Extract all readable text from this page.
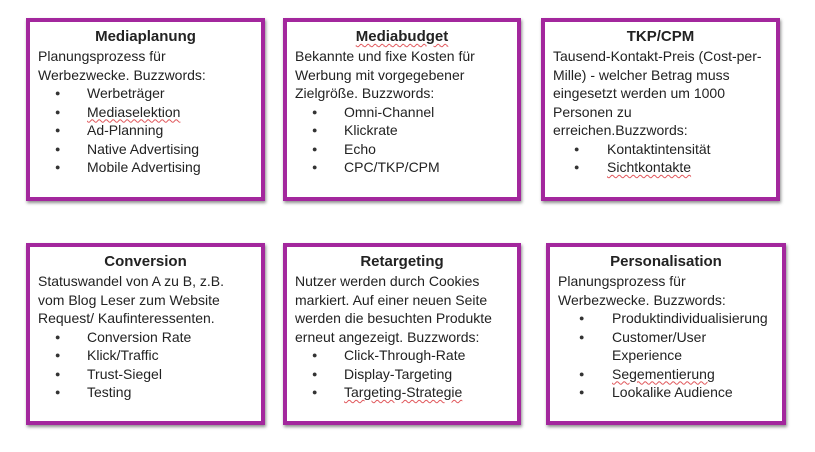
Mediaplanung

Planungsprozess für Werbezwecke. Buzzwords:

● Werbeträger
● Mediaselektion
● Ad-Planning
● Native Advertising
● Mobile Advertising
Mediabudget

Bekannte und fixe Kosten für Werbung mit vorgegebener Zielgröße. Buzzwords:

● Omni-Channel
● Klickrate
● Echo
● CPC/TKP/CPM
TKP/CPM

Tausend-Kontakt-Preis (Cost-per-Mille) - welcher Betrag muss eingesetzt werden um 1000 Personen zu erreichen.Buzzwords:

● Kontaktintensität
● Sichtkontakte
Conversion

Statuswandel von A zu B, z.B. vom Blog Leser zum Website Request/ Kaufinteressenten.

● Conversion Rate
● Klick/Traffic
● Trust-Siegel
● Testing
Retargeting

Nutzer werden durch Cookies markiert. Auf einer neuen Seite werden die besuchten Produkte erneut angezeigt. Buzzwords:

● Click-Through-Rate
● Display-Targeting
● Targeting-Strategie
Personalisation

Planungsprozess für Werbezwecke. Buzzwords:

● Produktindividualisierung
● Customer/User Experience
● Segementierung
● Lookalike Audience
